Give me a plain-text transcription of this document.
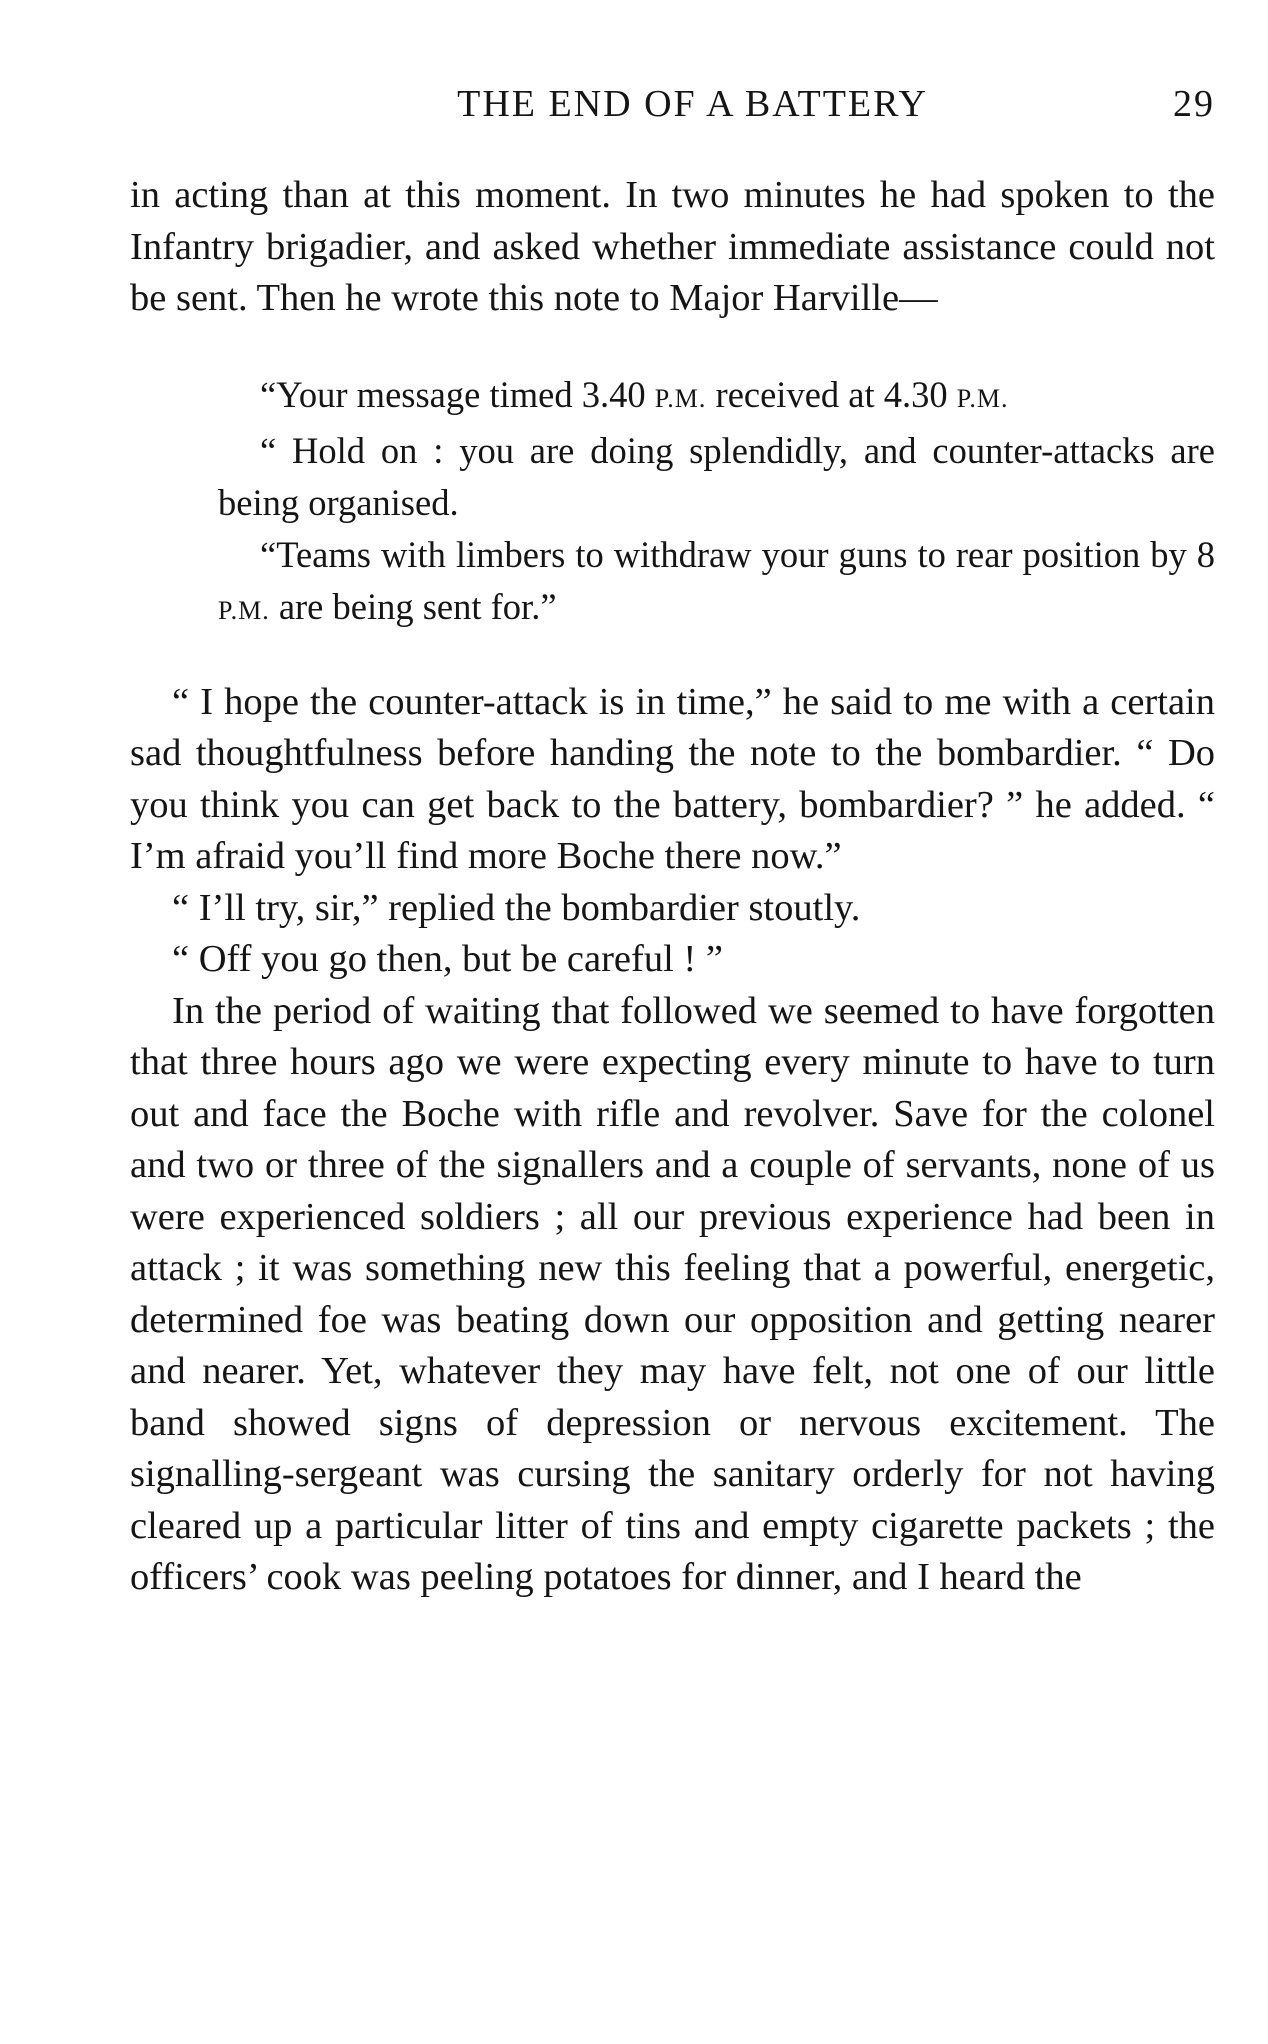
THE END OF A BATTERY	29

in acting than at this moment. In two minutes he had spoken to the Infantry brigadier, and asked whether immediate assistance could not be sent. Then he wrote this note to Major Harville—

“Your message timed 3.40 P.M. received at 4.30 P.M.

“ Hold on : you are doing splendidly, and counter-attacks are being organised.

“Teams with limbers to withdraw your guns to rear position by 8 P.M. are being sent for.”

“ I hope the counter-attack is in time,” he said to me with a certain sad thoughtfulness before handing the note to the bombardier. “ Do you think you can get back to the battery, bombardier? ” he added. “ I’m afraid you’ll find more Boche there now.”

“ I’ll try, sir,” replied the bombardier stoutly.

“ Off you go then, but be careful ! ”

In the period of waiting that followed we seemed to have forgotten that three hours ago we were expecting every minute to have to turn out and face the Boche with rifle and revolver. Save for the colonel and two or three of the signallers and a couple of servants, none of us were experienced soldiers ; all our previous experience had been in attack ; it was something new this feeling that a powerful, energetic, determined foe was beating down our opposition and getting nearer and nearer. Yet, whatever they may have felt, not one of our little band showed signs of depression or nervous excitement. The signalling-sergeant was cursing the sanitary orderly for not having cleared up a particular litter of tins and empty cigarette packets ; the officers’ cook was peeling potatoes for dinner, and I heard the
